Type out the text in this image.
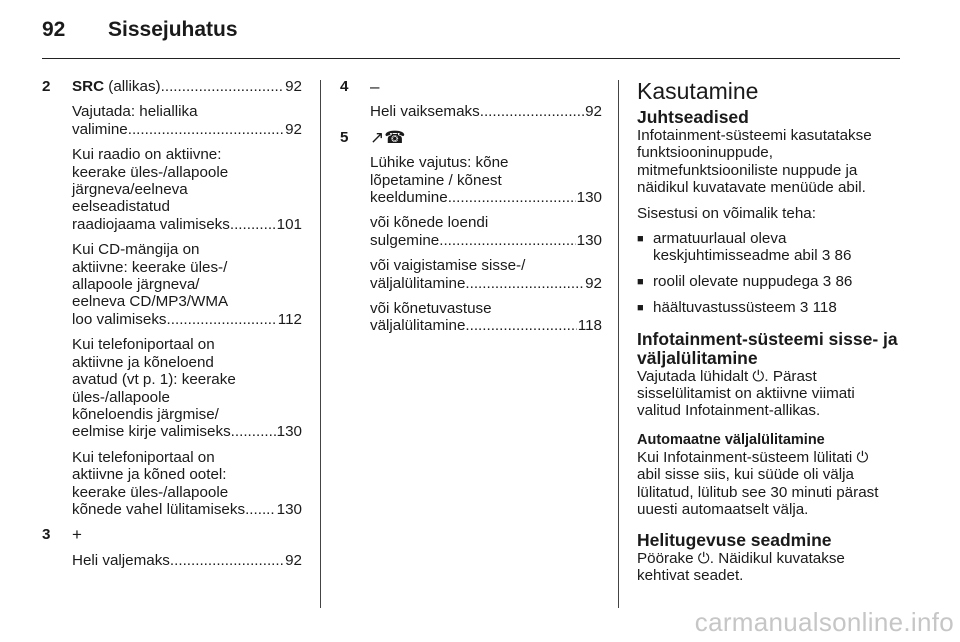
92 Sissejuhatus
2	SRC (allikas) .....	92
Vajutada: heliallika
valimine .....	92
Kui raadio on aktiivne:
keerake üles-/allapoole
järgneva/eelneva
eelseadistatud
raadiojaama valimiseks .....	101
Kui CD-mängija on
aktiivne: keerake üles-/
allapoole järgneva/
eelneva CD/MP3/WMA
loo valimiseks .....	112
Kui telefoniportaal on
aktiivne ja kõneloend
avatud (vt p. 1): keerake
üles-/allapoole
kõneloendis järgmise/
eelmise kirje valimiseks .....	130
Kui telefoniportaal on
aktiivne ja kõned ootel:
keerake üles-/allapoole
kõnede vahel lülitamiseks ..... 130
3	+
Heli valjemaks .....	92
4	–
Heli vaiksemaks .....	92
5	↗☎
Lühike vajutus: kõne
lõpetamine / kõnest
keeldumine .....	130
või kõnede loendi
sulgemine .....	130
või vaigistamise sisse-/
väljalülitamine .....	92
või kõnetuvastuse
väljalülitamine .....	118
Kasutamine
Juhtseadised
Infotainment-süsteemi kasutatakse
funktsiooninuppude,
mitmefunktsiooniliste nuppude ja
näidikul kuvatavate menüüde abil.
Sisestusi on võimalik teha:
■ armatuurlaual oleva
keskjuhtimisseadme abil 3 86
■ roolil olevate nuppudega 3 86
■ häältuvastussüsteem 3 118
Infotainment-süsteemi sisse- ja
väljalülitamine
Vajutada lühidalt ⏻. Pärast
sisselülitamist on aktiivne viimati
valitud Infotainment-allikas.
Automaatne väljalülitamine
Kui Infotainment-süsteem lülitati ⏻
abil sisse siis, kui süüde oli välja
lülitatud, lülitub see 30 minuti pärast
uuesti automaatselt välja.
Helitugevuse seadmine
Pöörake ⏻. Näidikul kuvatakse
kehtivat seadet.
carmanualsonline.info
